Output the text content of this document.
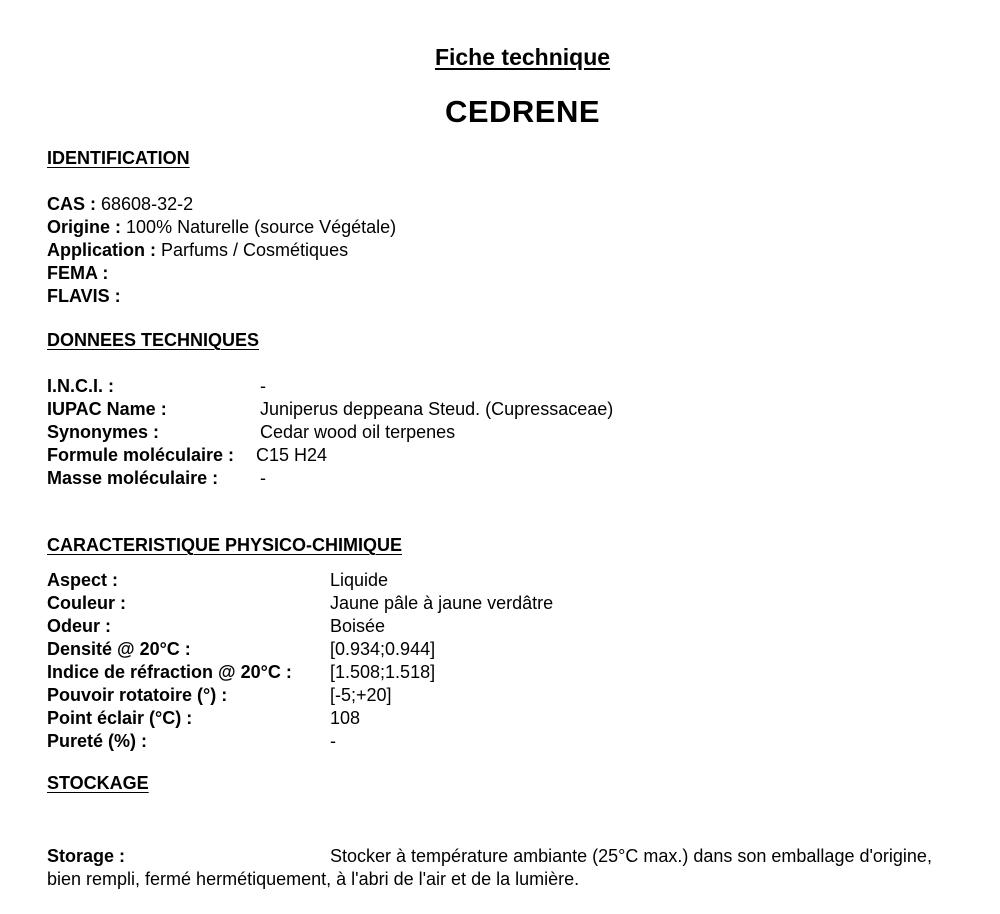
Fiche technique
CEDRENE
IDENTIFICATION
CAS : 68608-32-2
Origine : 100% Naturelle (source Végétale)
Application : Parfums / Cosmétiques
FEMA :
FLAVIS :
DONNEES TECHNIQUES
I.N.C.I. :	-
IUPAC Name :	Juniperus deppeana Steud. (Cupressaceae)
Synonymes :	Cedar wood oil terpenes
Formule moléculaire : C15 H24
Masse moléculaire : -
CARACTERISTIQUE PHYSICO-CHIMIQUE
Aspect :	Liquide
Couleur :	Jaune pâle à jaune verdâtre
Odeur :	Boisée
Densité @ 20°C :	[0.934;0.944]
Indice de réfraction @ 20°C : [1.508;1.518]
Pouvoir rotatoire (°) :	[-5;+20]
Point éclair (°C) :	108
Pureté (%) :	-
STOCKAGE
Storage :	Stocker à température ambiante (25°C max.) dans son emballage d'origine,
bien rempli, fermé hermétiquement, à l'abri de l'air et de la lumière.
